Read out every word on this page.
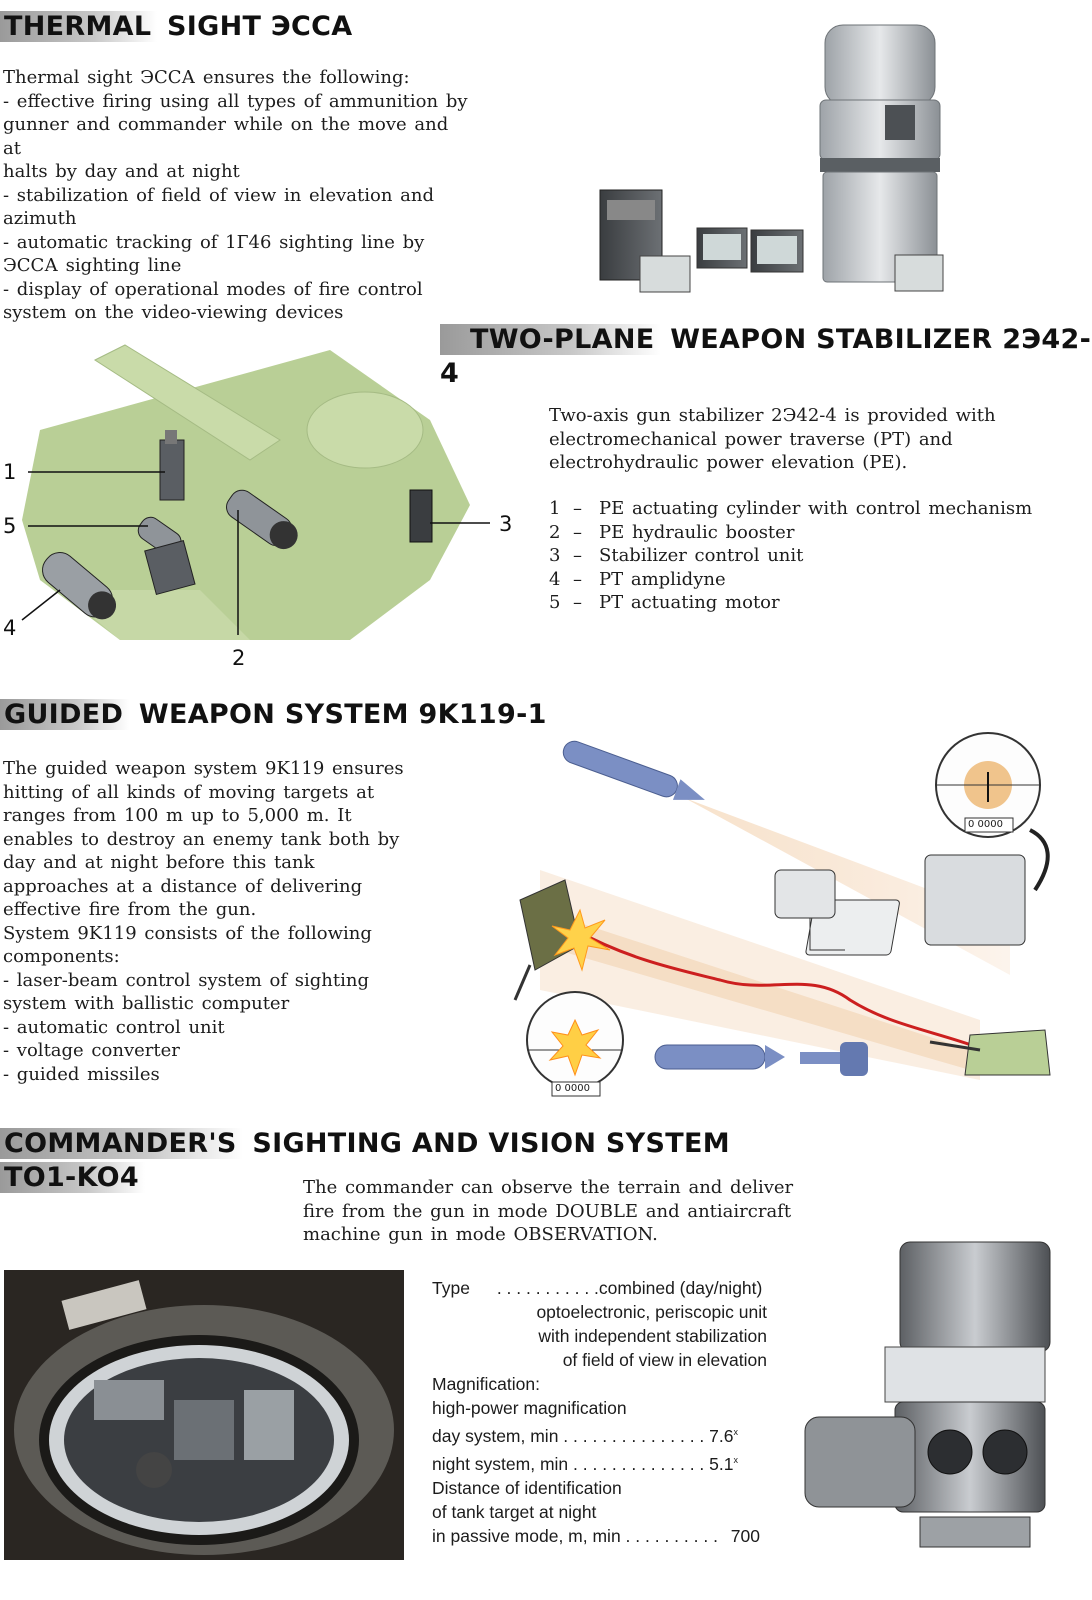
THERMAL SIGHT ЭССА

Thermal sight ЭССА ensures the following:

- effective firing using all types of ammunition by

gunner and commander while on the move and at

halts by day and at night

- stabilization of field of view in elevation and

azimuth

- automatic tracking of 1Г46 sighting line by

ЭССА sighting line

- display of operational modes of fire control

system on the video-viewing devices

TWO-PLANE WEAPON STABILIZER 2Э42-4
1
5
4
2
3

Two-axis gun stabilizer 2Э42-4 is provided with

electromechanical power traverse (PT) and

electrohydraulic power elevation (PE).

1 – PE actuating cylinder with control mechanism
2 – PE hydraulic booster
3 – Stabilizer control unit
4 – PT amplidyne
5 – PT actuating motor
GUIDED WEAPON SYSTEM 9K119-1

The guided weapon system 9K119 ensures

hitting of all kinds of moving targets at

ranges from 100 m up to 5,000 m. It

enables to destroy an enemy tank both by

day and at night before this tank

approaches at a distance of delivering

effective fire from the gun.

System 9K119 consists of the following

components:

- laser-beam control system of sighting

system with ballistic computer

- automatic control unit

- voltage converter

- guided missiles

0 0000
0 0000
COMMANDER'S SIGHTING AND VISION SYSTEM
TO1-KO4	The commander can observe the terrain and deliver

fire from the gun in mode DOUBLE and antiaircraft

machine gun in mode OBSERVATION.

Type . . . . . . . . . . .combined (day/night)
optoelectronic, periscopic unit
with independent stabilization
of field of view in elevation
Magnification:
high-power magnification
day system, min . . . . . . . . . . . . . . . 7.6$^x$
night system, min . . . . . . . . . . . . . . 5.1$^x$
Distance of identification
of tank target at night
in passive mode, m, min . . . . . . . . . . 700
